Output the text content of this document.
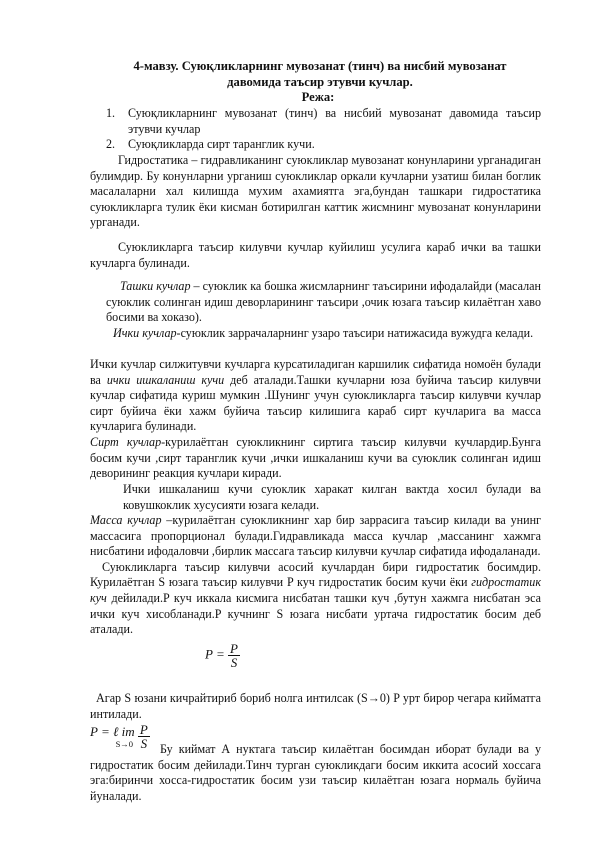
4-мавзу. Суюқликларнинг мувозанат (тинч) ва нисбий мувозанат
давомида таъсир этувчи кучлар.
Режа:
1. Суюқликларнинг мувозанат (тинч) ва нисбий мувозанат давомида таъсир этувчи кучлар
2. Суюқликларда сирт таранглик кучи.

Гидростатика – гидравликанинг суюкликлар мувозанат конунларини урганадиган булимдир. Бу конунларни урганиш суюкликлар оркали кучларни узатиш билан боглик масалаларни хал килишда мухим ахамиятга эга,бундан ташкари гидростатика суюкликларга тулик ёки кисман ботирилган каттик жисмнинг мувозанат конунларини урганади.

Суюкликларга таъсир килувчи кучлар куйилиш усулига караб ички ва ташки кучларга булинади.

Ташки кучлар – суюклик ка бошка жисмларнинг таъсирини ифодалайди (масалан суюклик солинган идиш деворларининг таъсири ,очик юзага таъсир килаётган хаво босими ва хоказо).

Ички кучлар-суюклик заррачаларнинг узаро таъсири натижасида вужудга келади.

Ички кучлар силжитувчи кучларга курсатиладиган каршилик сифатида номоён булади ва ички ишкаланиш кучи деб аталади.Ташки кучларни юза буйича таъсир килувчи кучлар сифатида куриш мумкин .Шунинг учун суюкликларга таъсир килувчи кучлар сирт буйича ёки хажм буйича таъсир килишига караб сирт кучларига ва масса кучларига булинади.

Сирт кучлар-курилаётган суюкликнинг сиртига таъсир килувчи кучлардир.Бунга босим кучи ,сирт таранглик кучи ,ички ишкаланиш кучи ва суюклик солинган идиш деворининг реакция кучлари киради.

Ички ишкаланиш кучи суюклик харакат килган вактда хосил булади ва ковушкоклик хусусияти юзага келади.

Масса кучлар –курилаётган суюкликнинг хар бир заррасига таъсир килади ва унинг массасига пропорционал булади.Гидравликада масса кучлар ,массанинг хажмга нисбатини ифодаловчи ,бирлик массага таъсир килувчи кучлар сифатида ифодаланади.

Суюкликларга таъсир килувчи асосий кучлардан бири гидростатик босимдир. Курилаётган S юзага таъсир килувчи P куч гидростатик босим кучи ёки гидростатик куч дейилади.P куч иккала кисмига нисбатан ташки куч ,бутун хажмга нисбатан эса ички куч хисобланади.P кучнинг S юзага нисбати уртача гидростатик босим деб аталади.

$P = \frac{P}{S}$

Агар S юзани кичрайтириб бориб нолга интилсак (S→0) P урт бирор чегара кийматга интилади.

P = ℓ im
S→0
$\frac{P}{S}$ Бу киймат А нуктага таъсир килаётган босимдан иборат булади ва у гидростатик босим дейилади.Тинч турган суюкликдаги босим иккита асосий хоссага эга:биринчи хосса-гидростатик босим узи таъсир килаётган юзага нормаль буйича йуналади.
